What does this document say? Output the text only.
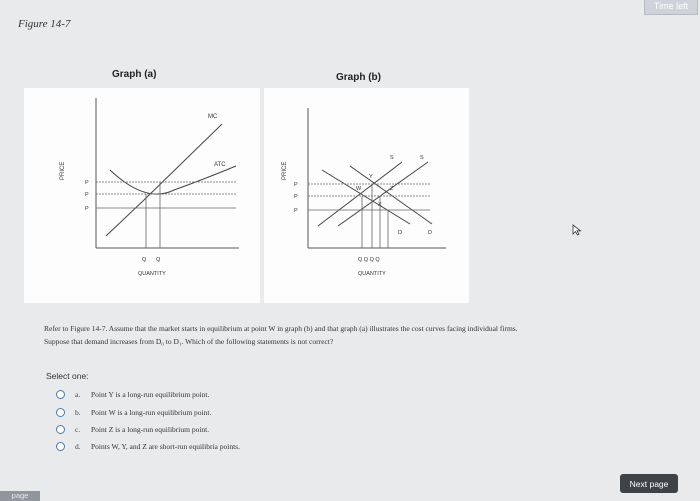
Time left
Figure 14-7
Graph (a)	Graph (b)
PRICE
QUANTITY
MC
ATC
P
P
P
Q Q
PRICE
QUANTITY
S	S
D	D
P
P
P
Y
W	Z
X
Q Q Q Q
Refer to Figure 14-7. Assume that the market starts in equilibrium at point W in graph (b) and that graph (a) illustrates the cost curves facing individual firms.
Suppose that demand increases from D₀ to D₁. Which of the following statements is not correct?
Select one:
a.	Point Y is a long-run equilibrium point.
b.	Point W is a long-run equilibrium point.
c.	Point Z is a long-run equilibrium point.
d.	Points W, Y, and Z are short-run equilibria points.
Next page
page
